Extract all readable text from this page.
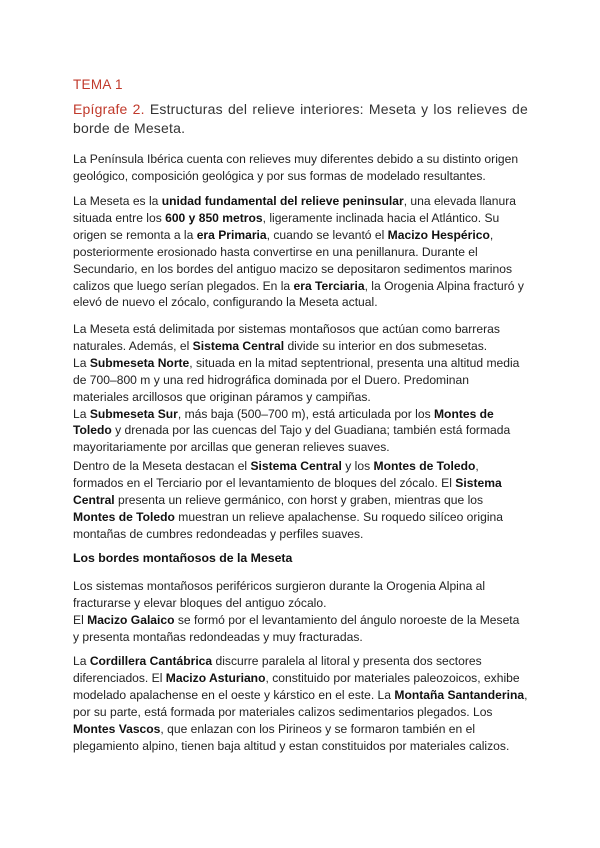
TEMA 1
Epígrafe 2. Estructuras del relieve interiores: Meseta y los relieves de borde de Meseta.
La Península Ibérica cuenta con relieves muy diferentes debido a su distinto origen
geológico, composición geológica y por sus formas de modelado resultantes.
La Meseta es la unidad fundamental del relieve peninsular, una elevada llanura
situada entre los 600 y 850 metros, ligeramente inclinada hacia el Atlántico. Su
origen se remonta a la era Primaria, cuando se levantó el Macizo Hespérico,
posteriormente erosionado hasta convertirse en una penillanura. Durante el
Secundario, en los bordes del antiguo macizo se depositaron sedimentos marinos
calizos que luego serían plegados. En la era Terciaria, la Orogenia Alpina fracturó y
elevó de nuevo el zócalo, configurando la Meseta actual.
La Meseta está delimitada por sistemas montañosos que actúan como barreras
naturales. Además, el Sistema Central divide su interior en dos submesetas.
La Submeseta Norte, situada en la mitad septentrional, presenta una altitud media
de 700–800 m y una red hidrográfica dominada por el Duero. Predominan
materiales arcillosos que originan páramos y campiñas.
La Submeseta Sur, más baja (500–700 m), está articulada por los Montes de
Toledo y drenada por las cuencas del Tajo y del Guadiana; también está formada
mayoritariamente por arcillas que generan relieves suaves.
Dentro de la Meseta destacan el Sistema Central y los Montes de Toledo,
formados en el Terciario por el levantamiento de bloques del zócalo. El Sistema
Central presenta un relieve germánico, con horst y graben, mientras que los
Montes de Toledo muestran un relieve apalachense. Su roquedo silíceo origina
montañas de cumbres redondeadas y perfiles suaves.
Los bordes montañosos de la Meseta
Los sistemas montañosos periféricos surgieron durante la Orogenia Alpina al
fracturarse y elevar bloques del antiguo zócalo.
El Macizo Galaico se formó por el levantamiento del ángulo noroeste de la Meseta
y presenta montañas redondeadas y muy fracturadas.
La Cordillera Cantábrica discurre paralela al litoral y presenta dos sectores
diferenciados. El Macizo Asturiano, constituido por materiales paleozoicos, exhibe
modelado apalachense en el oeste y kárstico en el este. La Montaña Santanderina,
por su parte, está formada por materiales calizos sedimentarios plegados. Los
Montes Vascos, que enlazan con los Pirineos y se formaron también en el
plegamiento alpino, tienen baja altitud y estan constituidos por materiales calizos.
